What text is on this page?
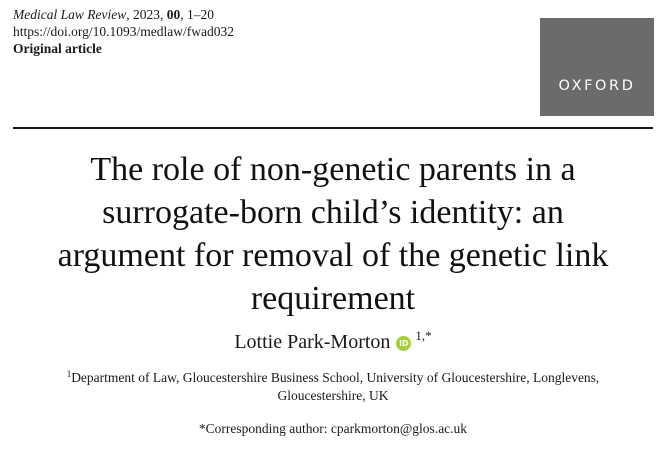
Medical Law Review, 2023, 00, 1–20
https://doi.org/10.1093/medlaw/fwad032
Original article
OXFORD
The role of non-genetic parents in a
surrogate-born child’s identity: an
argument for removal of the genetic link
requirement
Lottie Park-Morton $iD^{1,*}$
$^1$Department of Law, Gloucestershire Business School, University of Gloucestershire, Longlevens,
Gloucestershire, UK
*Corresponding author: cparkmorton@glos.ac.uk
